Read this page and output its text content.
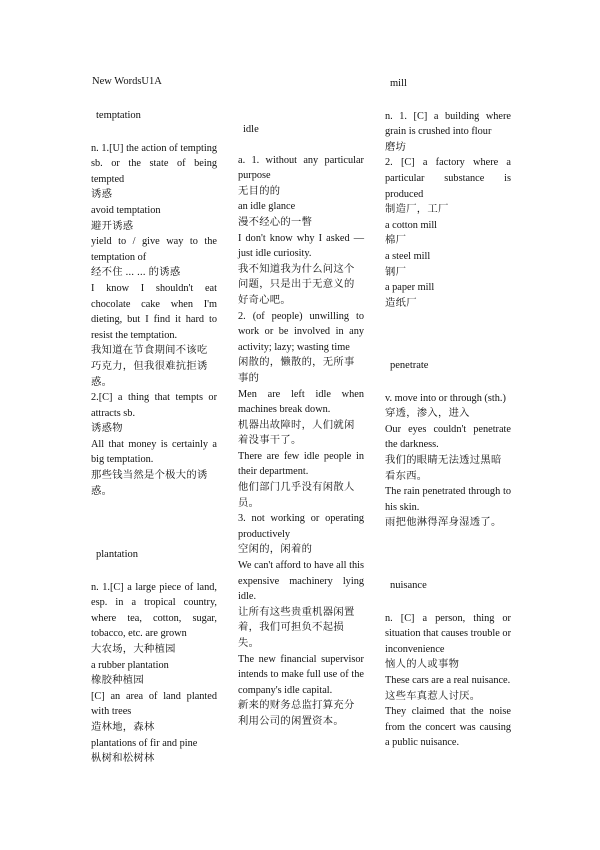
New WordsU1A
temptation

n. 1.[U] the action of tempting sb. or the state of being tempted

诱惑

avoid temptation

避开诱惑

yield to / give way to the temptation of

经不住 ... ... 的诱惑

I know I shouldn't eat chocolate cake when I'm dieting, but I find it hard to resist the temptation.

我知道在节食期间不该吃巧克力，但我很难抗拒诱惑。

2.[C] a thing that tempts or attracts sb.

诱惑物

All that money is certainly a big temptation.

那些钱当然是个极大的诱惑。

plantation

n. 1.[C] a large piece of land, esp. in a tropical country, where tea, cotton, sugar, tobacco, etc. are grown

大农场，大种植园

a rubber plantation

橡胶种植园

[C] an area of land planted with trees

造林地，森林

plantations of fir and pine

枞树和松树林

idle

a. 1. without any particular purpose

无目的的

an idle glance

漫不经心的一瞥

I don't know why I asked — just idle curiosity.

我不知道我为什么问这个问题，只是出于无意义的好奇心吧。

2. (of people) unwilling to work or be involved in any activity; lazy; wasting time

闲散的，懒散的，无所事事的

Men are left idle when machines break down.

机器出故障时，人们就闲着没事干了。

There are few idle people in their department.

他们部门几乎没有闲散人员。

3. not working or operating productively

空闲的，闲着的

We can't afford to have all this expensive machinery lying idle.

让所有这些贵重机器闲置着，我们可担负不起损失。

The new financial supervisor intends to make full use of the company's idle capital.

新来的财务总监打算充分利用公司的闲置资本。

mill

n. 1. [C] a building where grain is crushed into flour

磨坊

2. [C] a factory where a particular substance is produced

制造厂，工厂

a cotton mill

棉厂

a steel mill

钢厂

a paper mill

造纸厂

penetrate

v. move into or through (sth.)

穿透，渗入，进入

Our eyes couldn't penetrate the darkness.

我们的眼睛无法透过黑暗看东西。

The rain penetrated through to his skin.

雨把他淋得浑身湿透了。

nuisance

n. [C] a person, thing or situation that causes trouble or inconvenience

恼人的人或事物

These cars are a real nuisance.

这些车真惹人讨厌。

They claimed that the noise from the concert was causing a public nuisance.
